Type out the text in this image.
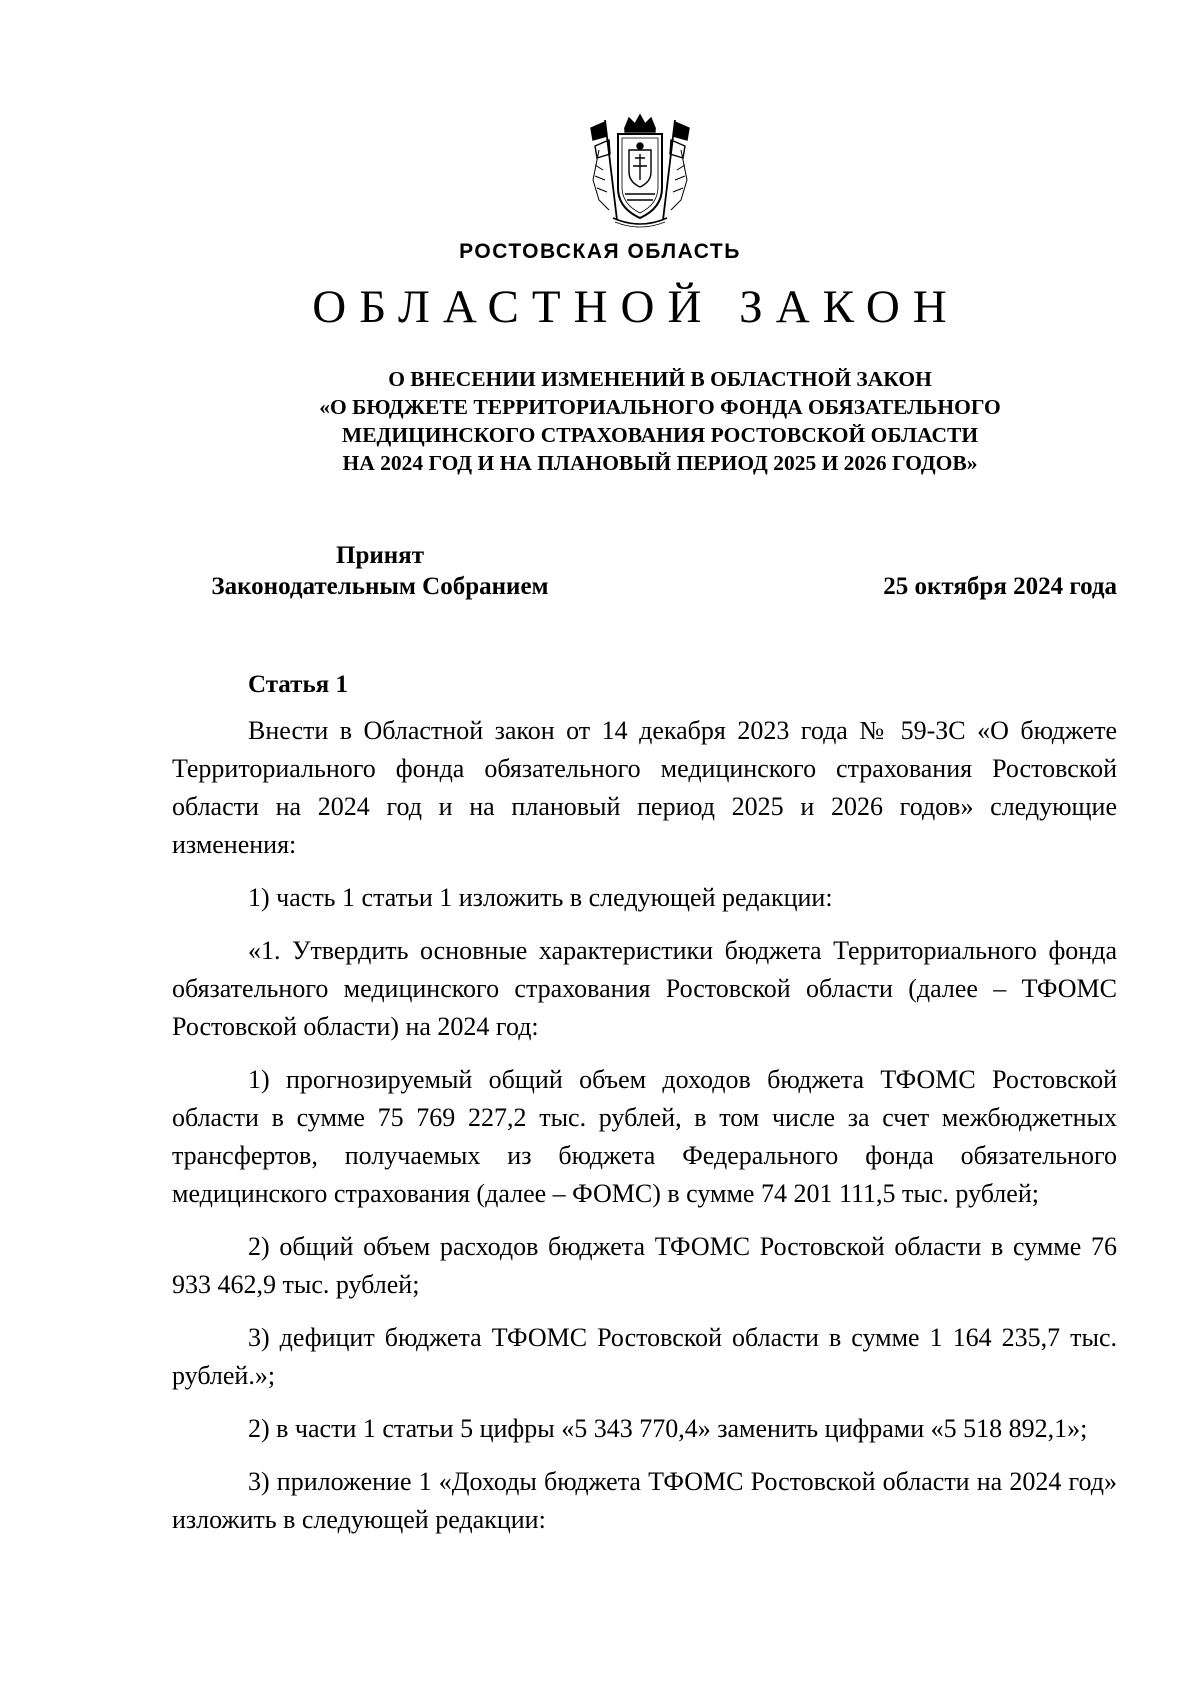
РОСТОВСКАЯ ОБЛАСТЬ
ОБЛАСТНОЙ ЗАКОН
О ВНЕСЕНИИ ИЗМЕНЕНИЙ В ОБЛАСТНОЙ ЗАКОН
«О БЮДЖЕТЕ ТЕРРИТОРИАЛЬНОГО ФОНДА ОБЯЗАТЕЛЬНОГО
МЕДИЦИНСКОГО СТРАХОВАНИЯ РОСТОВСКОЙ ОБЛАСТИ
НА 2024 ГОД И НА ПЛАНОВЫЙ ПЕРИОД 2025 И 2026 ГОДОВ»
Принят
Законодательным Собранием	25 октября 2024 года
Статья 1

Внести в Областной закон от 14 декабря 2023 года № 59-ЗС «О бюджете Территориального фонда обязательного медицинского страхования Ростовской области на 2024 год и на плановый период 2025 и 2026 годов» следующие изменения:

1) часть 1 статьи 1 изложить в следующей редакции:

«1. Утвердить основные характеристики бюджета Территориального фонда обязательного медицинского страхования Ростовской области (далее – ТФОМС Ростовской области) на 2024 год:

1) прогнозируемый общий объем доходов бюджета ТФОМС Ростовской области в сумме 75 769 227,2 тыс. рублей, в том числе за счет межбюджетных трансфертов, получаемых из бюджета Федерального фонда обязательного медицинского страхования (далее – ФОМС) в сумме 74 201 111,5 тыс. рублей;

2) общий объем расходов бюджета ТФОМС Ростовской области в сумме 76 933 462,9 тыс. рублей;

3) дефицит бюджета ТФОМС Ростовской области в сумме 1 164 235,7 тыс. рублей.»;

2) в части 1 статьи 5 цифры «5 343 770,4» заменить цифрами «5 518 892,1»;

3) приложение 1 «Доходы бюджета ТФОМС Ростовской области на 2024 год» изложить в следующей редакции:
